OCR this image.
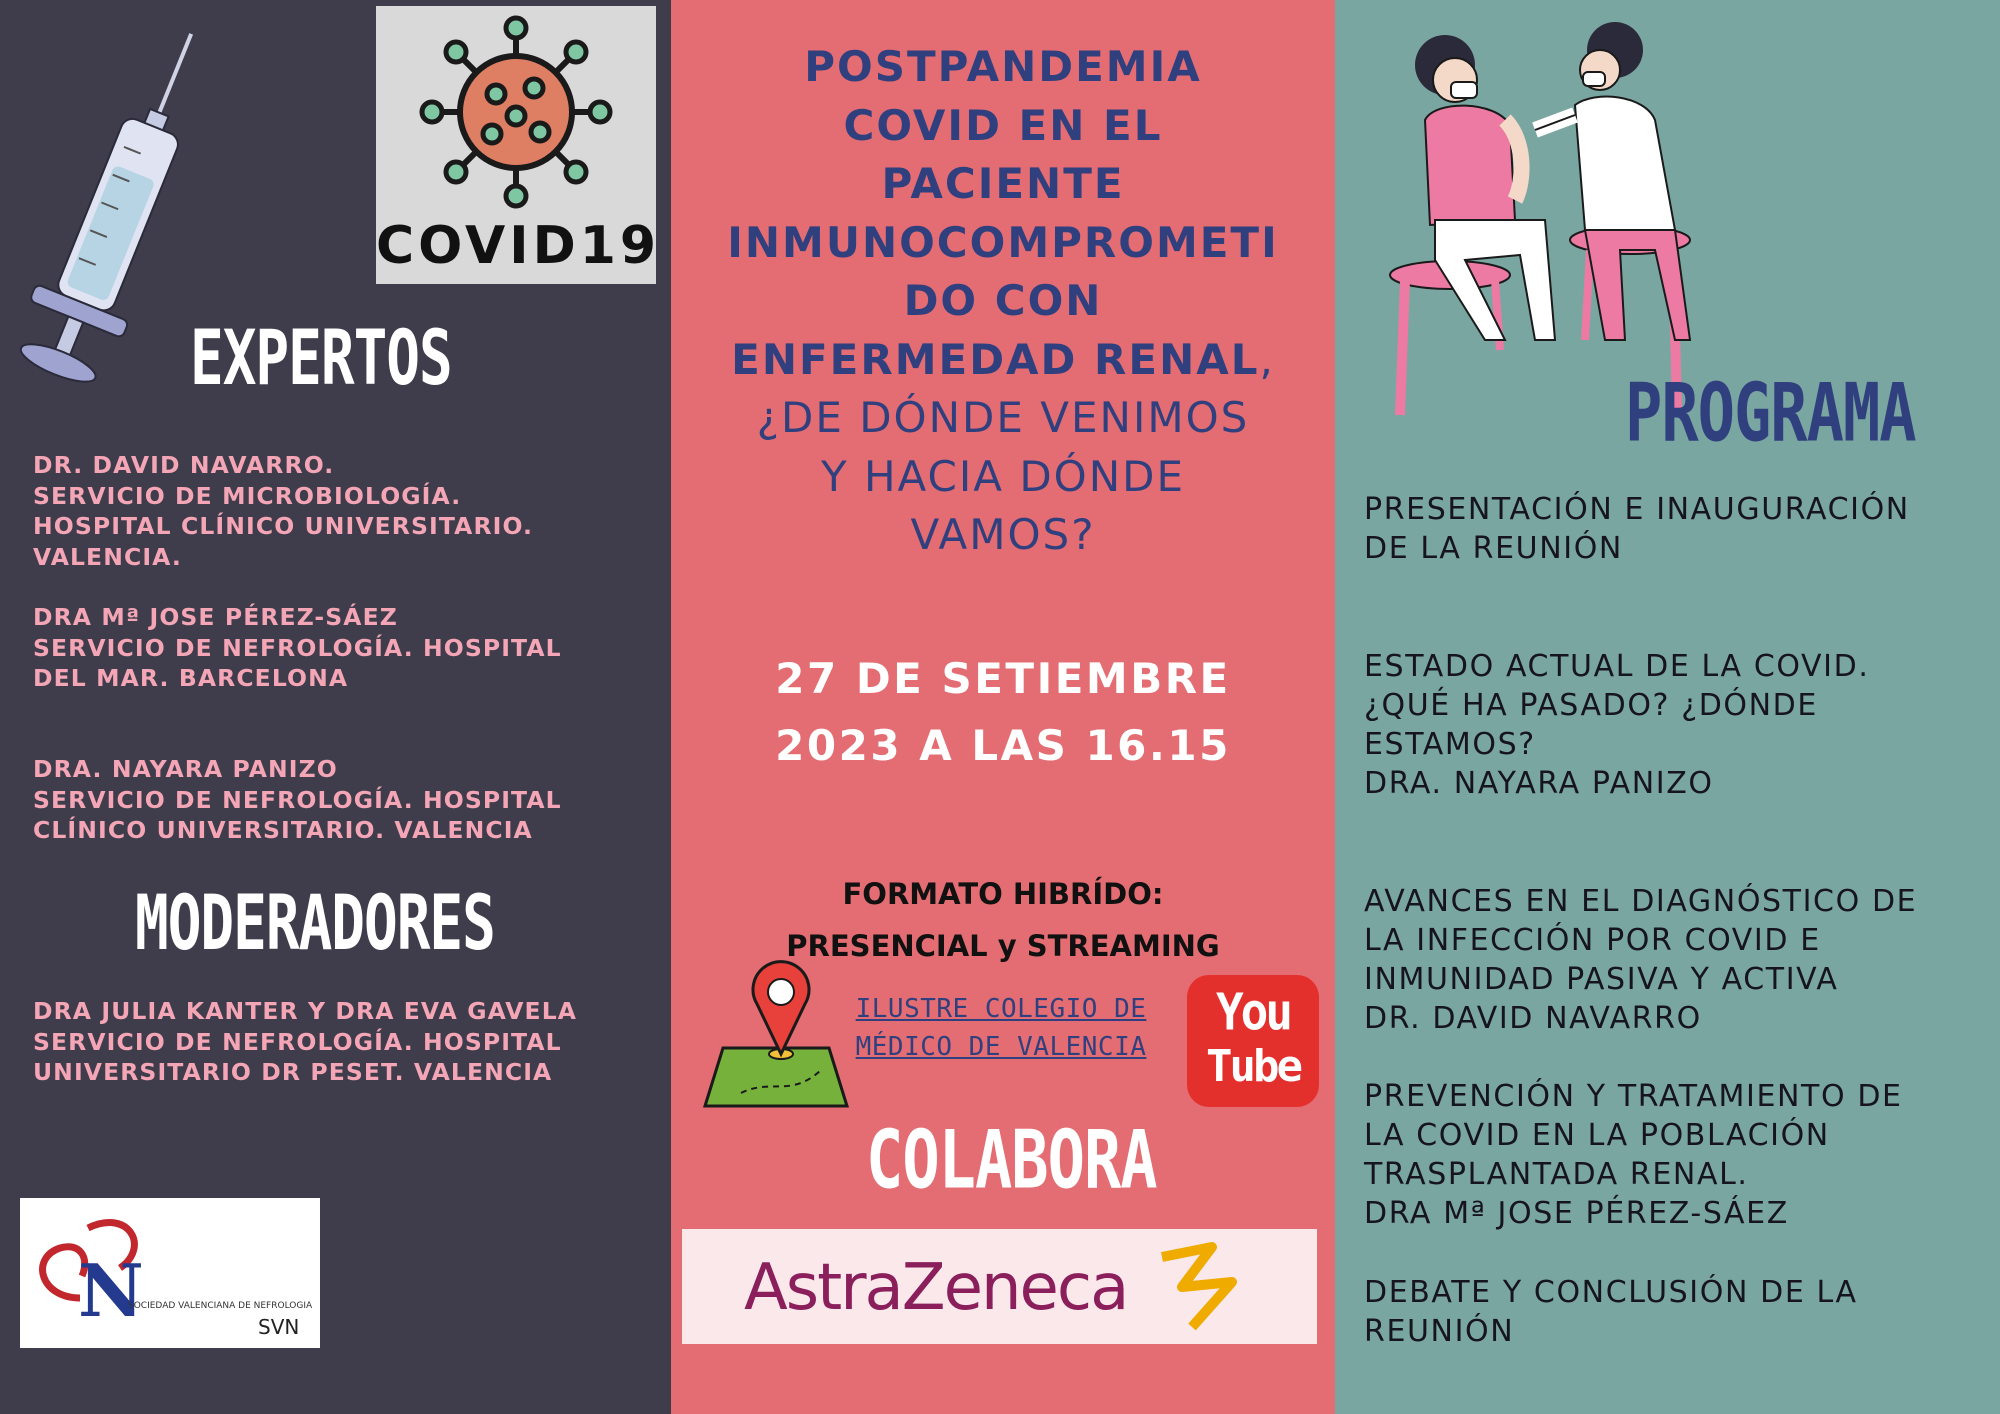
COVID19
EXPERTOS
DR. DAVID NAVARRO.
SERVICIO DE MICROBIOLOGÍA.
HOSPITAL CLÍNICO UNIVERSITARIO.
VALENCIA.
DRA Mª JOSE PÉREZ-SÁEZ
SERVICIO DE NEFROLOGÍA. HOSPITAL
DEL MAR. BARCELONA
DRA. NAYARA PANIZO
SERVICIO DE NEFROLOGÍA. HOSPITAL
CLÍNICO UNIVERSITARIO. VALENCIA
MODERADORES
DRA JULIA KANTER Y DRA EVA GAVELA
SERVICIO DE NEFROLOGÍA. HOSPITAL
UNIVERSITARIO DR PESET. VALENCIA
N
SOCIEDAD VALENCIANA DE NEFROLOGIA
SVN
POSTPANDEMIA
COVID EN EL
PACIENTE
INMUNOCOMPROMETI
DO CON
ENFERMEDAD RENAL,
¿DE DÓNDE VENIMOS
Y HACIA DÓNDE
VAMOS?
27 DE SETIEMBRE
2023 A LAS 16.15
FORMATO HIBRÍDO:
PRESENCIAL y STREAMING
ILUSTRE COLEGIO DE
MÉDICO DE VALENCIA
You
Tube
COLABORA
AstraZeneca
PROGRAMA
PRESENTACIÓN E INAUGURACIÓN
DE LA REUNIÓN
ESTADO ACTUAL DE LA COVID.
¿QUÉ HA PASADO? ¿DÓNDE
ESTAMOS?
DRA. NAYARA PANIZO
AVANCES EN EL DIAGNÓSTICO DE
LA INFECCIÓN POR COVID E
INMUNIDAD PASIVA Y ACTIVA
DR. DAVID NAVARRO
PREVENCIÓN Y TRATAMIENTO DE
LA COVID EN LA POBLACIÓN
TRASPLANTADA RENAL.
DRA Mª JOSE PÉREZ-SÁEZ
DEBATE Y CONCLUSIÓN DE LA
REUNIÓN
